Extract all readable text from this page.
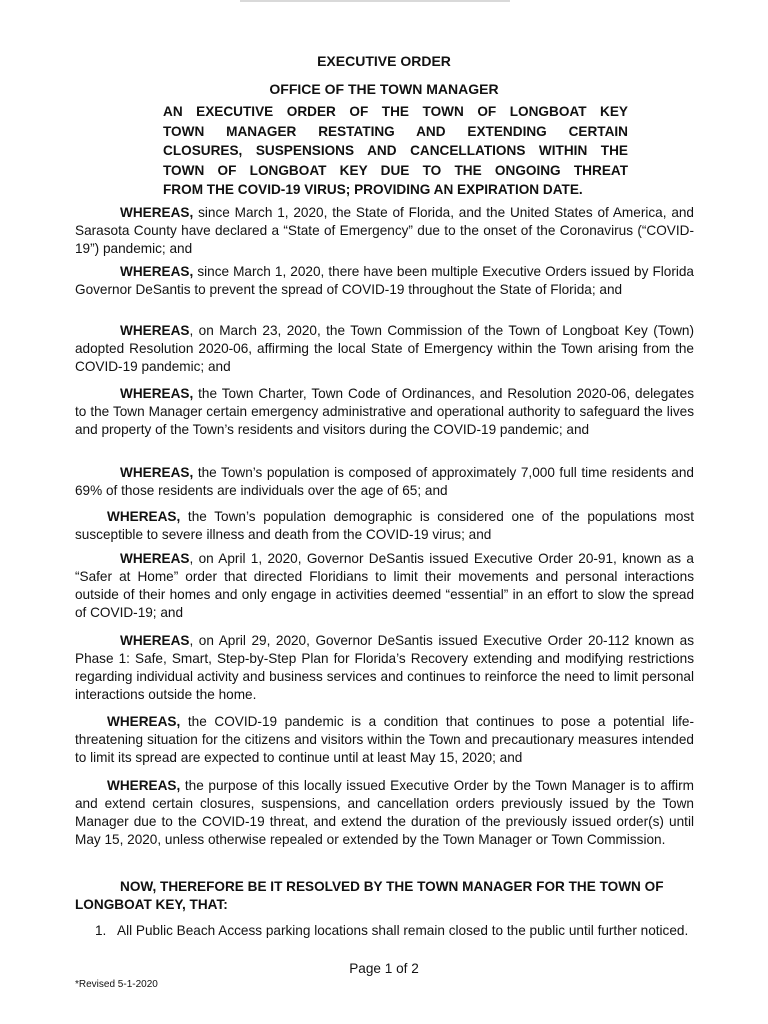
EXECUTIVE ORDER
OFFICE OF THE TOWN MANAGER
AN EXECUTIVE ORDER OF THE TOWN OF LONGBOAT KEY
TOWN MANAGER RESTATING AND EXTENDING CERTAIN
CLOSURES, SUSPENSIONS AND CANCELLATIONS WITHIN THE
TOWN OF LONGBOAT KEY DUE TO THE ONGOING THREAT
FROM THE COVID-19 VIRUS; PROVIDING AN EXPIRATION DATE.

WHEREAS, since March 1, 2020, the State of Florida, and the United States of America, and Sarasota County have declared a “State of Emergency” due to the onset of the Coronavirus (“COVID-19”) pandemic; and

WHEREAS, since March 1, 2020, there have been multiple Executive Orders issued by Florida Governor DeSantis to prevent the spread of COVID-19 throughout the State of Florida; and

WHEREAS, on March 23, 2020, the Town Commission of the Town of Longboat Key (Town) adopted Resolution 2020-06, affirming the local State of Emergency within the Town arising from the COVID-19 pandemic; and

WHEREAS, the Town Charter, Town Code of Ordinances, and Resolution 2020-06, delegates to the Town Manager certain emergency administrative and operational authority to safeguard the lives and property of the Town’s residents and visitors during the COVID-19 pandemic; and

WHEREAS, the Town’s population is composed of approximately 7,000 full time residents and 69% of those residents are individuals over the age of 65; and

WHEREAS, the Town’s population demographic is considered one of the populations most susceptible to severe illness and death from the COVID-19 virus; and

WHEREAS, on April 1, 2020, Governor DeSantis issued Executive Order 20-91, known as a “Safer at Home” order that directed Floridians to limit their movements and personal interactions outside of their homes and only engage in activities deemed “essential” in an effort to slow the spread of COVID-19; and

WHEREAS, on April 29, 2020, Governor DeSantis issued Executive Order 20-112 known as Phase 1: Safe, Smart, Step-by-Step Plan for Florida’s Recovery extending and modifying restrictions regarding individual activity and business services and continues to reinforce the need to limit personal interactions outside the home.

WHEREAS, the COVID-19 pandemic is a condition that continues to pose a potential life-threatening situation for the citizens and visitors within the Town and precautionary measures intended to limit its spread are expected to continue until at least May 15, 2020; and

WHEREAS, the purpose of this locally issued Executive Order by the Town Manager is to affirm and extend certain closures, suspensions, and cancellation orders previously issued by the Town Manager due to the COVID-19 threat, and extend the duration of the previously issued order(s) until May 15, 2020, unless otherwise repealed or extended by the Town Manager or Town Commission.

NOW, THEREFORE BE IT RESOLVED BY THE TOWN MANAGER FOR THE TOWN OF LONGBOAT KEY, THAT:

1. All Public Beach Access parking locations shall remain closed to the public until further noticed.
Page 1 of 2
*Revised 5-1-2020
